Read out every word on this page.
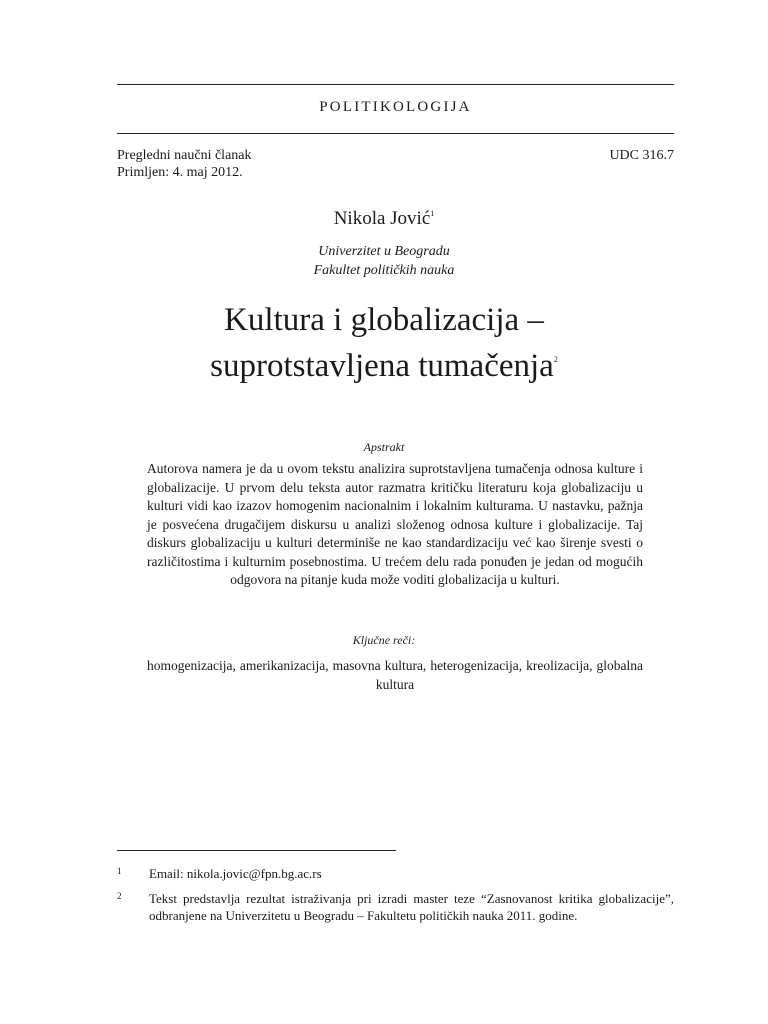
POLITIKOLOGIJA
Pregledni naučni članak
Primljen: 4. maj 2012.
UDC 316.7
Nikola Jović$^1$
Univerzitet u Beogradu
Fakultet političkih nauka
Kultura i globalizacija –
suprotstavljena tumačenja$^2$
Apstrakt
Autorova namera je da u ovom tekstu analizira suprotstavljena tumačenja odnosa kulture i globalizacije. U prvom delu teksta autor razmatra kritičku literaturu koja globalizaciju u kulturi vidi kao izazov homogenim nacionalnim i lokalnim kulturama. U nastavku, pažnja je posvećena drugačijem diskursu u analizi složenog odnosa kulture i globalizacije. Taj diskurs globalizaciju u kulturi determiniše ne kao standardizaciju već kao širenje svesti o različitostima i kulturnim posebnostima. U trećem delu rada ponuđen je jedan od mogućih odgovora na pitanje kuda može voditi globalizacija u kulturi.
Ključne reči:
homogenizacija, amerikanizacija, masovna kultura, heterogenizacija, kreolizacija, globalna kultura
1 Email: nikola.jovic@fpn.bg.ac.rs
2 Tekst predstavlja rezultat istraživanja pri izradi master teze “Zasnovanost kritika globalizacije”, odbranjene na Univerzitetu u Beogradu – Fakultetu političkih nauka 2011. godine.
